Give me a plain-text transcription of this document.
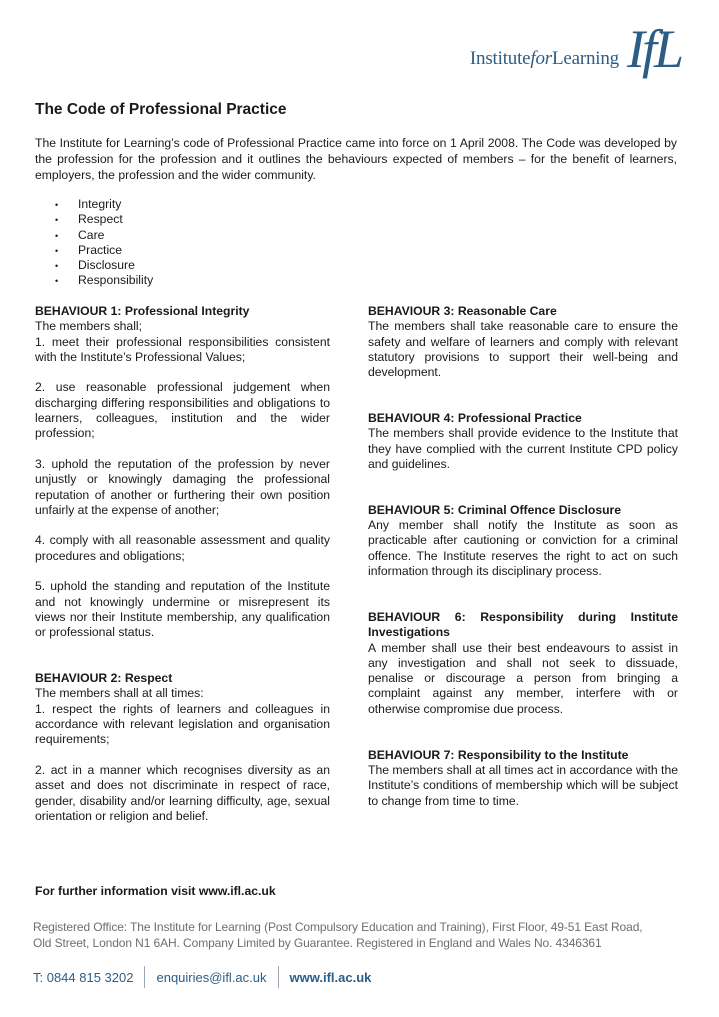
InstituteforLearning IfL
The Code of Professional Practice

The Institute for Learning’s code of Professional Practice came into force on 1 April 2008. The Code was developed by the profession for the profession and it outlines the behaviours expected of members – for the benefit of learners, employers, the profession and the wider community.

• Integrity
• Respect
• Care
• Practice
• Disclosure
• Responsibility

BEHAVIOUR 1: Professional Integrity

The members shall;

1. meet their professional responsibilities consistent with the Institute’s Professional Values;

2. use reasonable professional judgement when discharging differing responsibilities and obligations to learners, colleagues, institution and the wider profession;

3. uphold the reputation of the profession by never unjustly or knowingly damaging the professional reputation of another or furthering their own position unfairly at the expense of another;

4. comply with all reasonable assessment and quality procedures and obligations;

5. uphold the standing and reputation of the Institute and not knowingly undermine or misrepresent its views nor their Institute membership, any qualification or professional status.

BEHAVIOUR 2: Respect

The members shall at all times:

1. respect the rights of learners and colleagues in accordance with relevant legislation and organisation requirements;

2. act in a manner which recognises diversity as an asset and does not discriminate in respect of race, gender, disability and/or learning difficulty, age, sexual orientation or religion and belief.

BEHAVIOUR 3: Reasonable Care

The members shall take reasonable care to ensure the safety and welfare of learners and comply with relevant statutory provisions to support their well-being and development.

BEHAVIOUR 4: Professional Practice

The members shall provide evidence to the Institute that they have complied with the current Institute CPD policy and guidelines.

BEHAVIOUR 5: Criminal Offence Disclosure

Any member shall notify the Institute as soon as practicable after cautioning or conviction for a criminal offence. The Institute reserves the right to act on such information through its disciplinary process.

BEHAVIOUR 6: Responsibility during Institute Investigations

A member shall use their best endeavours to assist in any investigation and shall not seek to dissuade, penalise or discourage a person from bringing a complaint against any member, interfere with or otherwise compromise due process.

BEHAVIOUR 7: Responsibility to the Institute

The members shall at all times act in accordance with the Institute’s conditions of membership which will be subject to change from time to time.

For further information visit www.ifl.ac.uk

Registered Office: The Institute for Learning (Post Compulsory Education and Training), First Floor, 49-51 East Road,
Old Street, London N1 6AH. Company Limited by Guarantee. Registered in England and Wales No. 4346361

T: 0844 815 3202 enquiries@ifl.ac.uk www.ifl.ac.uk
